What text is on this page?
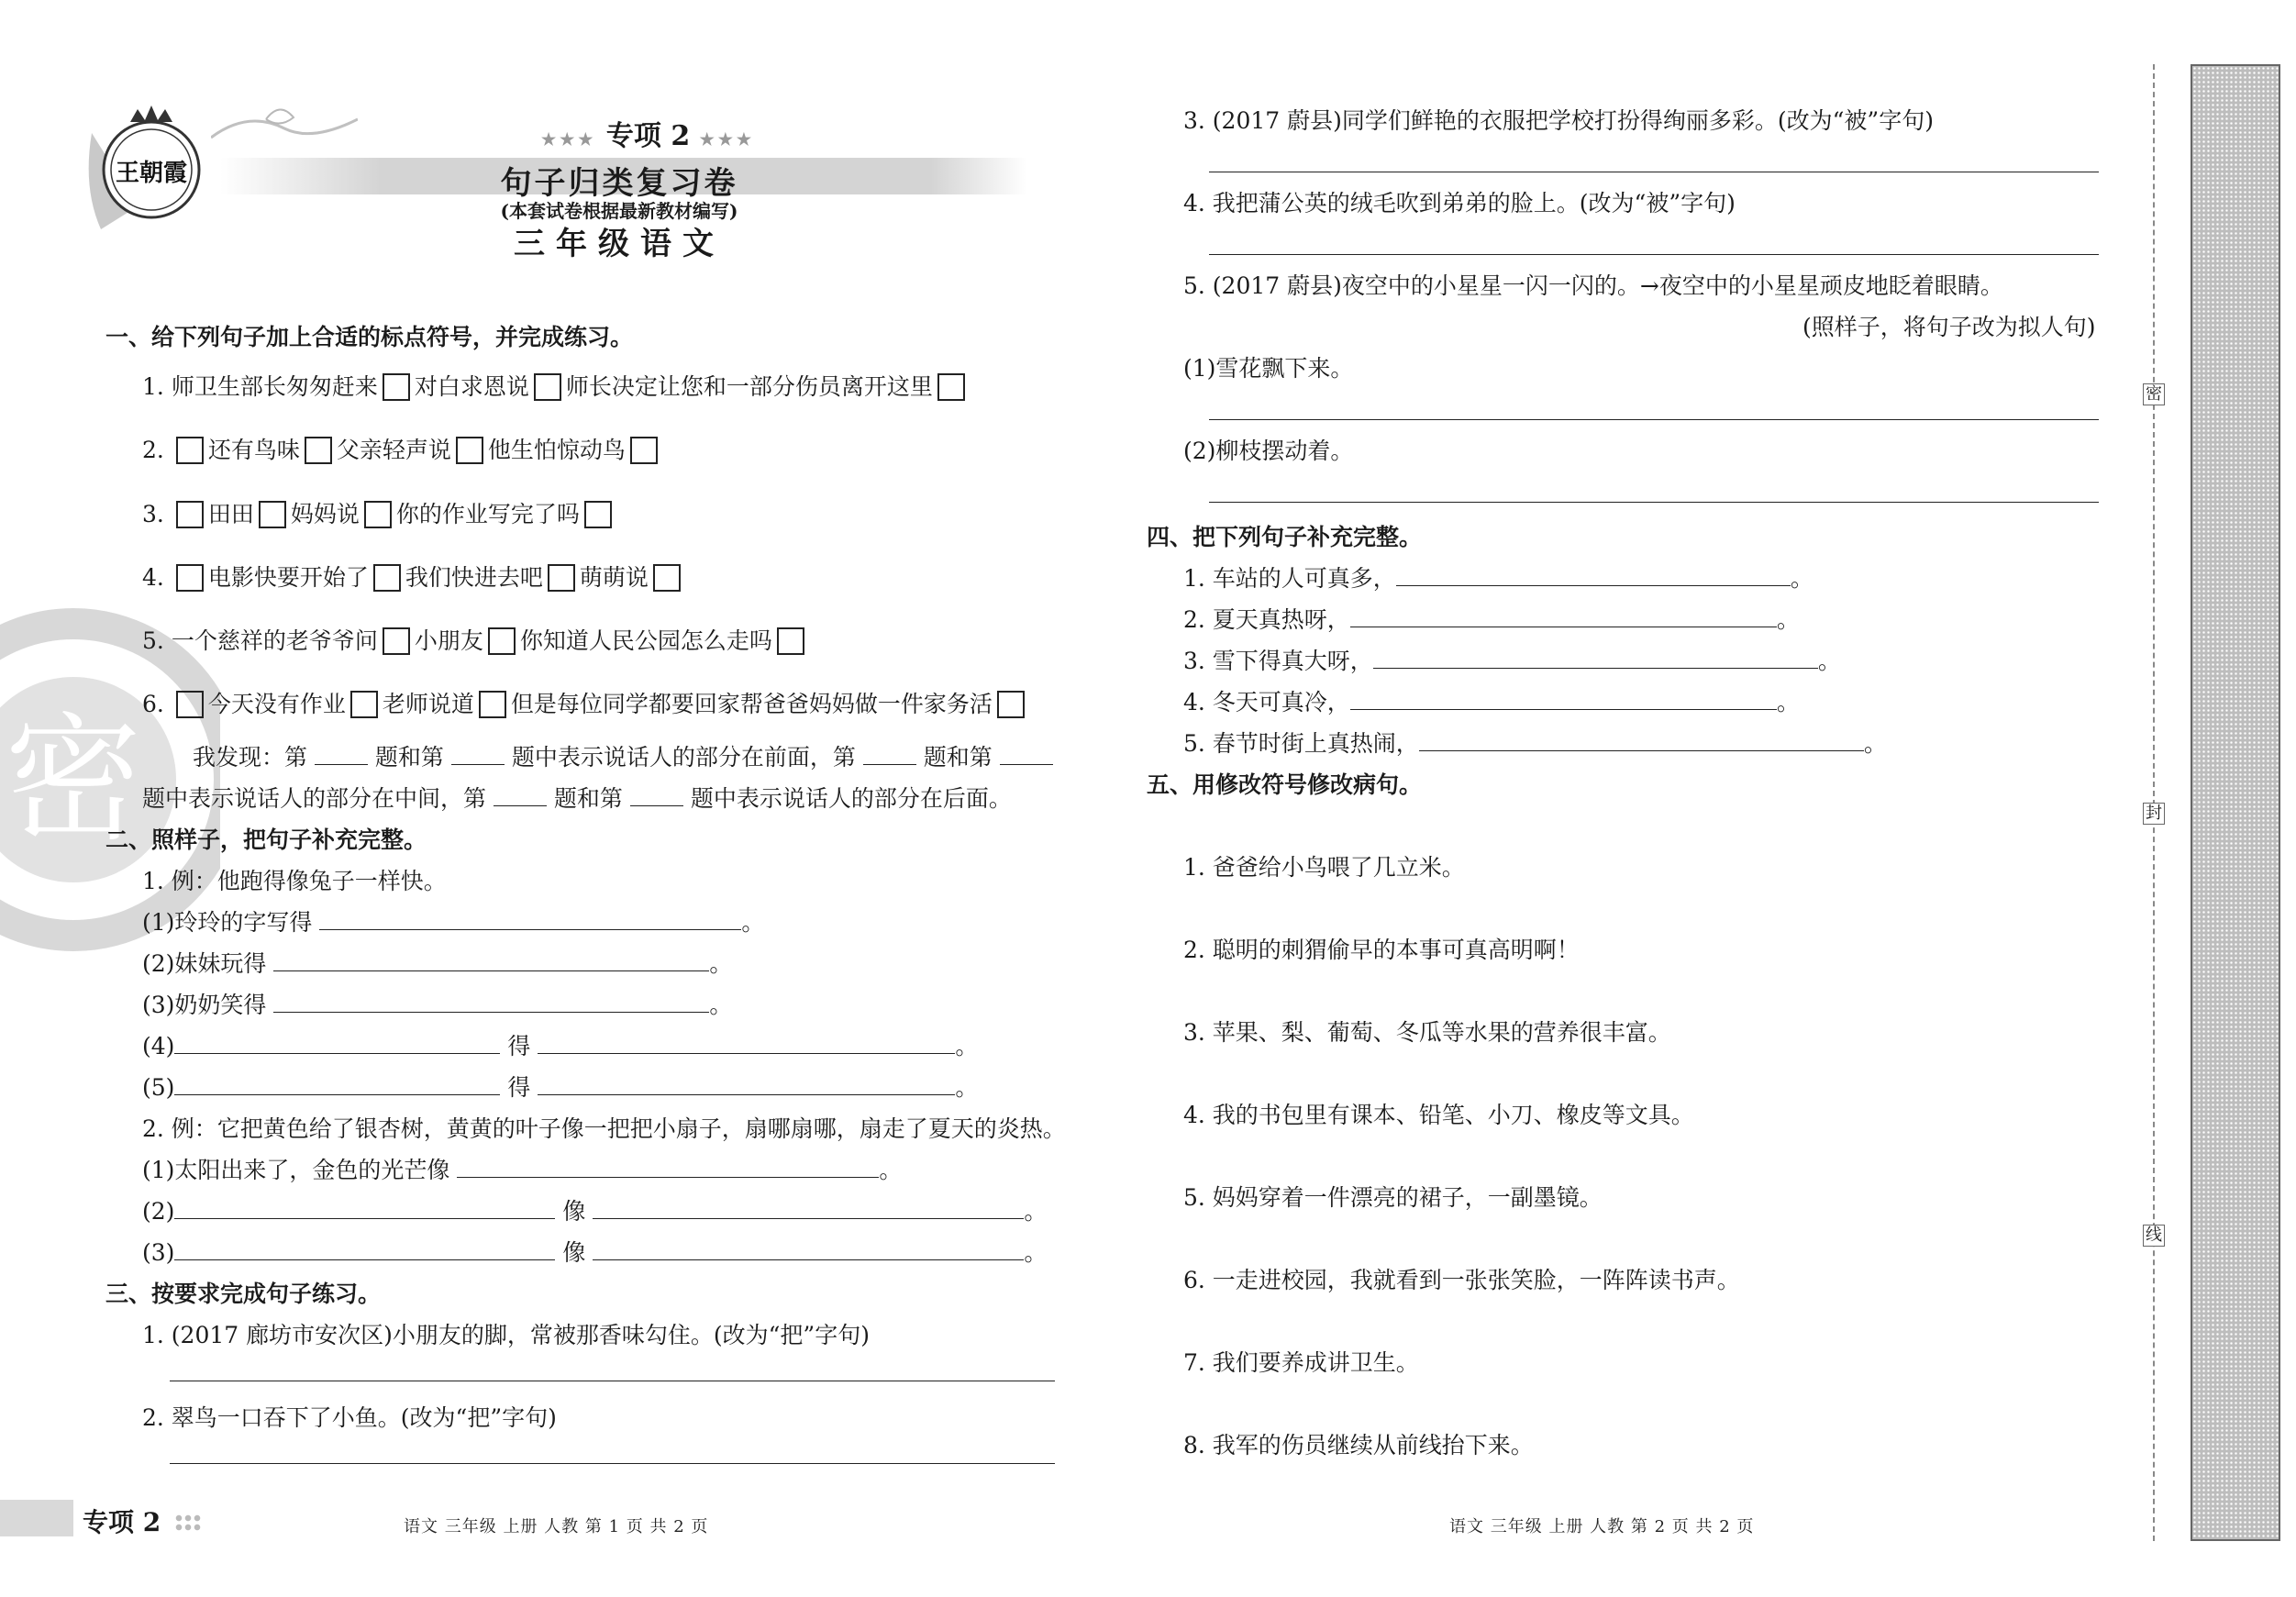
密
王朝霞
★★★ 专项 2 ★★★
句子归类复习卷
(本套试卷根据最新教材编写)
三年级语文
一、给下列句子加上合适的标点符号，并完成练习。
1. 师卫生部长匆匆赶来 对白求恩说 师长决定让您和一部分伤员离开这里
2. 还有鸟味 父亲轻声说 他生怕惊动鸟
3. 田田 妈妈说 你的作业写完了吗
4. 电影快要开始了 我们快进去吧 萌萌说
5. 一个慈祥的老爷爷问 小朋友 你知道人民公园怎么走吗
6. 今天没有作业 老师说道 但是每位同学都要回家帮爸爸妈妈做一件家务活
我发现：第	题和第	题中表示说话人的部分在前面，第	题和第
题中表示说话人的部分在中间，第	题和第	题中表示说话人的部分在后面。
二、照样子，把句子补充完整。
1. 例：他跑得像兔子一样快。
(1)玲玲的字写得	。
(2)妹妹玩得	。
(3)奶奶笑得	。
(4)	得	。
(5)	得	。
2. 例：它把黄色给了银杏树，黄黄的叶子像一把把小扇子，扇哪扇哪，扇走了夏天的炎热。
(1)太阳出来了，金色的光芒像	。
(2)	像	。
(3)	像	。
三、按要求完成句子练习。
1. (2017 廊坊市安次区)小朋友的脚，常被那香味勾住。(改为“把”字句)
2. 翠鸟一口吞下了小鱼。(改为“把”字句)
3. (2017 蔚县)同学们鲜艳的衣服把学校打扮得绚丽多彩。(改为“被”字句)
4. 我把蒲公英的绒毛吹到弟弟的脸上。(改为“被”字句)
5. (2017 蔚县)夜空中的小星星一闪一闪的。→夜空中的小星星顽皮地眨着眼睛。
(照样子，将句子改为拟人句)
(1)雪花飘下来。
(2)柳枝摆动着。
四、把下列句子补充完整。
1. 车站的人可真多，	。
2. 夏天真热呀，	。
3. 雪下得真大呀，	。
4. 冬天可真冷，	。
5. 春节时街上真热闹，	。
五、用修改符号修改病句。
1. 爸爸给小鸟喂了几立米。
2. 聪明的刺猬偷早的本事可真高明啊！
3. 苹果、梨、葡萄、冬瓜等水果的营养很丰富。
4. 我的书包里有课本、铅笔、小刀、橡皮等文具。
5. 妈妈穿着一件漂亮的裙子，一副墨镜。
6. 一走进校园，我就看到一张张笑脸，一阵阵读书声。
7. 我们要养成讲卫生。
8. 我军的伤员继续从前线抬下来。
密
封
线
专项 2	语文 三年级 上册 人教 第 1 页 共 2 页	语文 三年级 上册 人教 第 2 页 共 2 页
